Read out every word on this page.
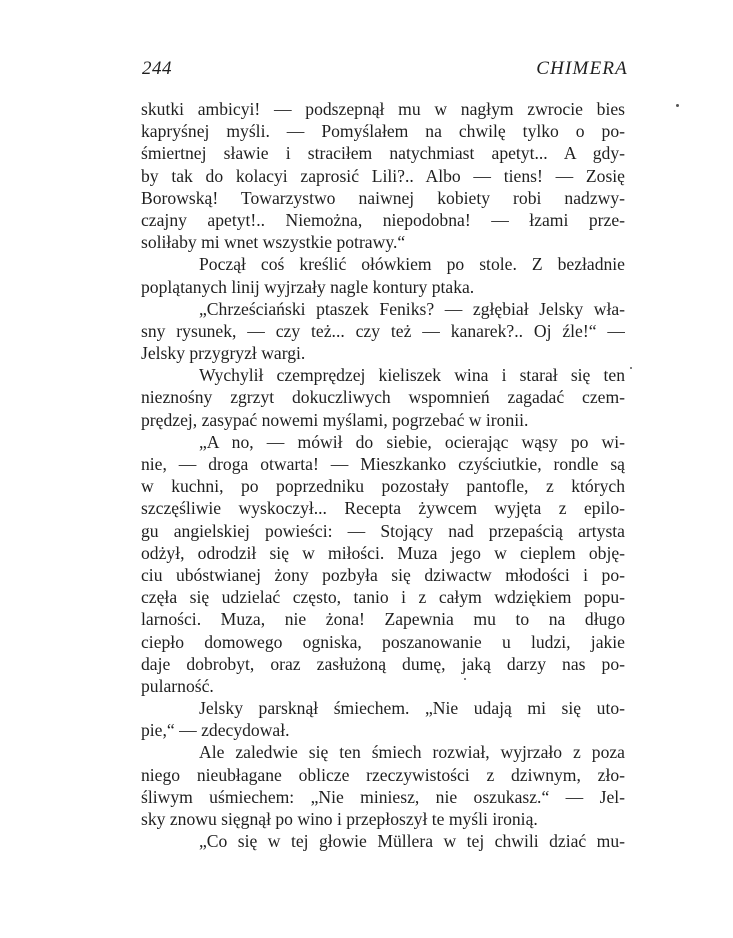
244	CHIMERA
skutki ambicyi! — podszepnął mu w nagłym zwrocie bies
kapryśnej myśli. — Pomyślałem na chwilę tylko o po-
śmiertnej sławie i straciłem natychmiast apetyt... A gdy-
by tak do kolacyi zaprosić Lili?.. Albo — tiens! — Zosię
Borowską! Towarzystwo naiwnej kobiety robi nadzwy-
czajny apetyt!.. Niemożna, niepodobna! — łzami prze-
soliłaby mi wnet wszystkie potrawy.“
Począł coś kreślić ołówkiem po stole. Z bezładnie
poplątanych linij wyjrzały nagle kontury ptaka.
„Chrześciański ptaszek Feniks? — zgłębiał Jelsky wła-
sny rysunek, — czy też... czy też — kanarek?.. Oj źle!“ —
Jelsky przygryzł wargi.
Wychylił czemprędzej kieliszek wina i starał się ten
nieznośny zgrzyt dokuczliwych wspomnień zagadać czem-
prędzej, zasypać nowemi myślami, pogrzebać w ironii.
„A no, — mówił do siebie, ocierając wąsy po wi-
nie, — droga otwarta! — Mieszkanko czyściutkie, rondle są
w kuchni, po poprzedniku pozostały pantofle, z których
szczęśliwie wyskoczył... Recepta żywcem wyjęta z epilo-
gu angielskiej powieści: — Stojący nad przepaścią artysta
odżył, odrodził się w miłości. Muza jego w cieplem obję-
ciu ubóstwianej żony pozbyła się dziwactw młodości i po-
częła się udzielać często, tanio i z całym wdziękiem popu-
larności. Muza, nie żona! Zapewnia mu to na długo
ciepło domowego ogniska, poszanowanie u ludzi, jakie
daje dobrobyt, oraz zasłużoną dumę, jaką darzy nas po-
pularność.
Jelsky parsknął śmiechem. „Nie udają mi się uto-
pie,“ — zdecydował.
Ale zaledwie się ten śmiech rozwiał, wyjrzało z poza
niego nieubłagane oblicze rzeczywistości z dziwnym, zło-
śliwym uśmiechem: „Nie miniesz, nie oszukasz.“ — Jel-
sky znowu sięgnął po wino i przepłoszył te myśli ironią.
„Co się w tej głowie Müllera w tej chwili dziać mu-
